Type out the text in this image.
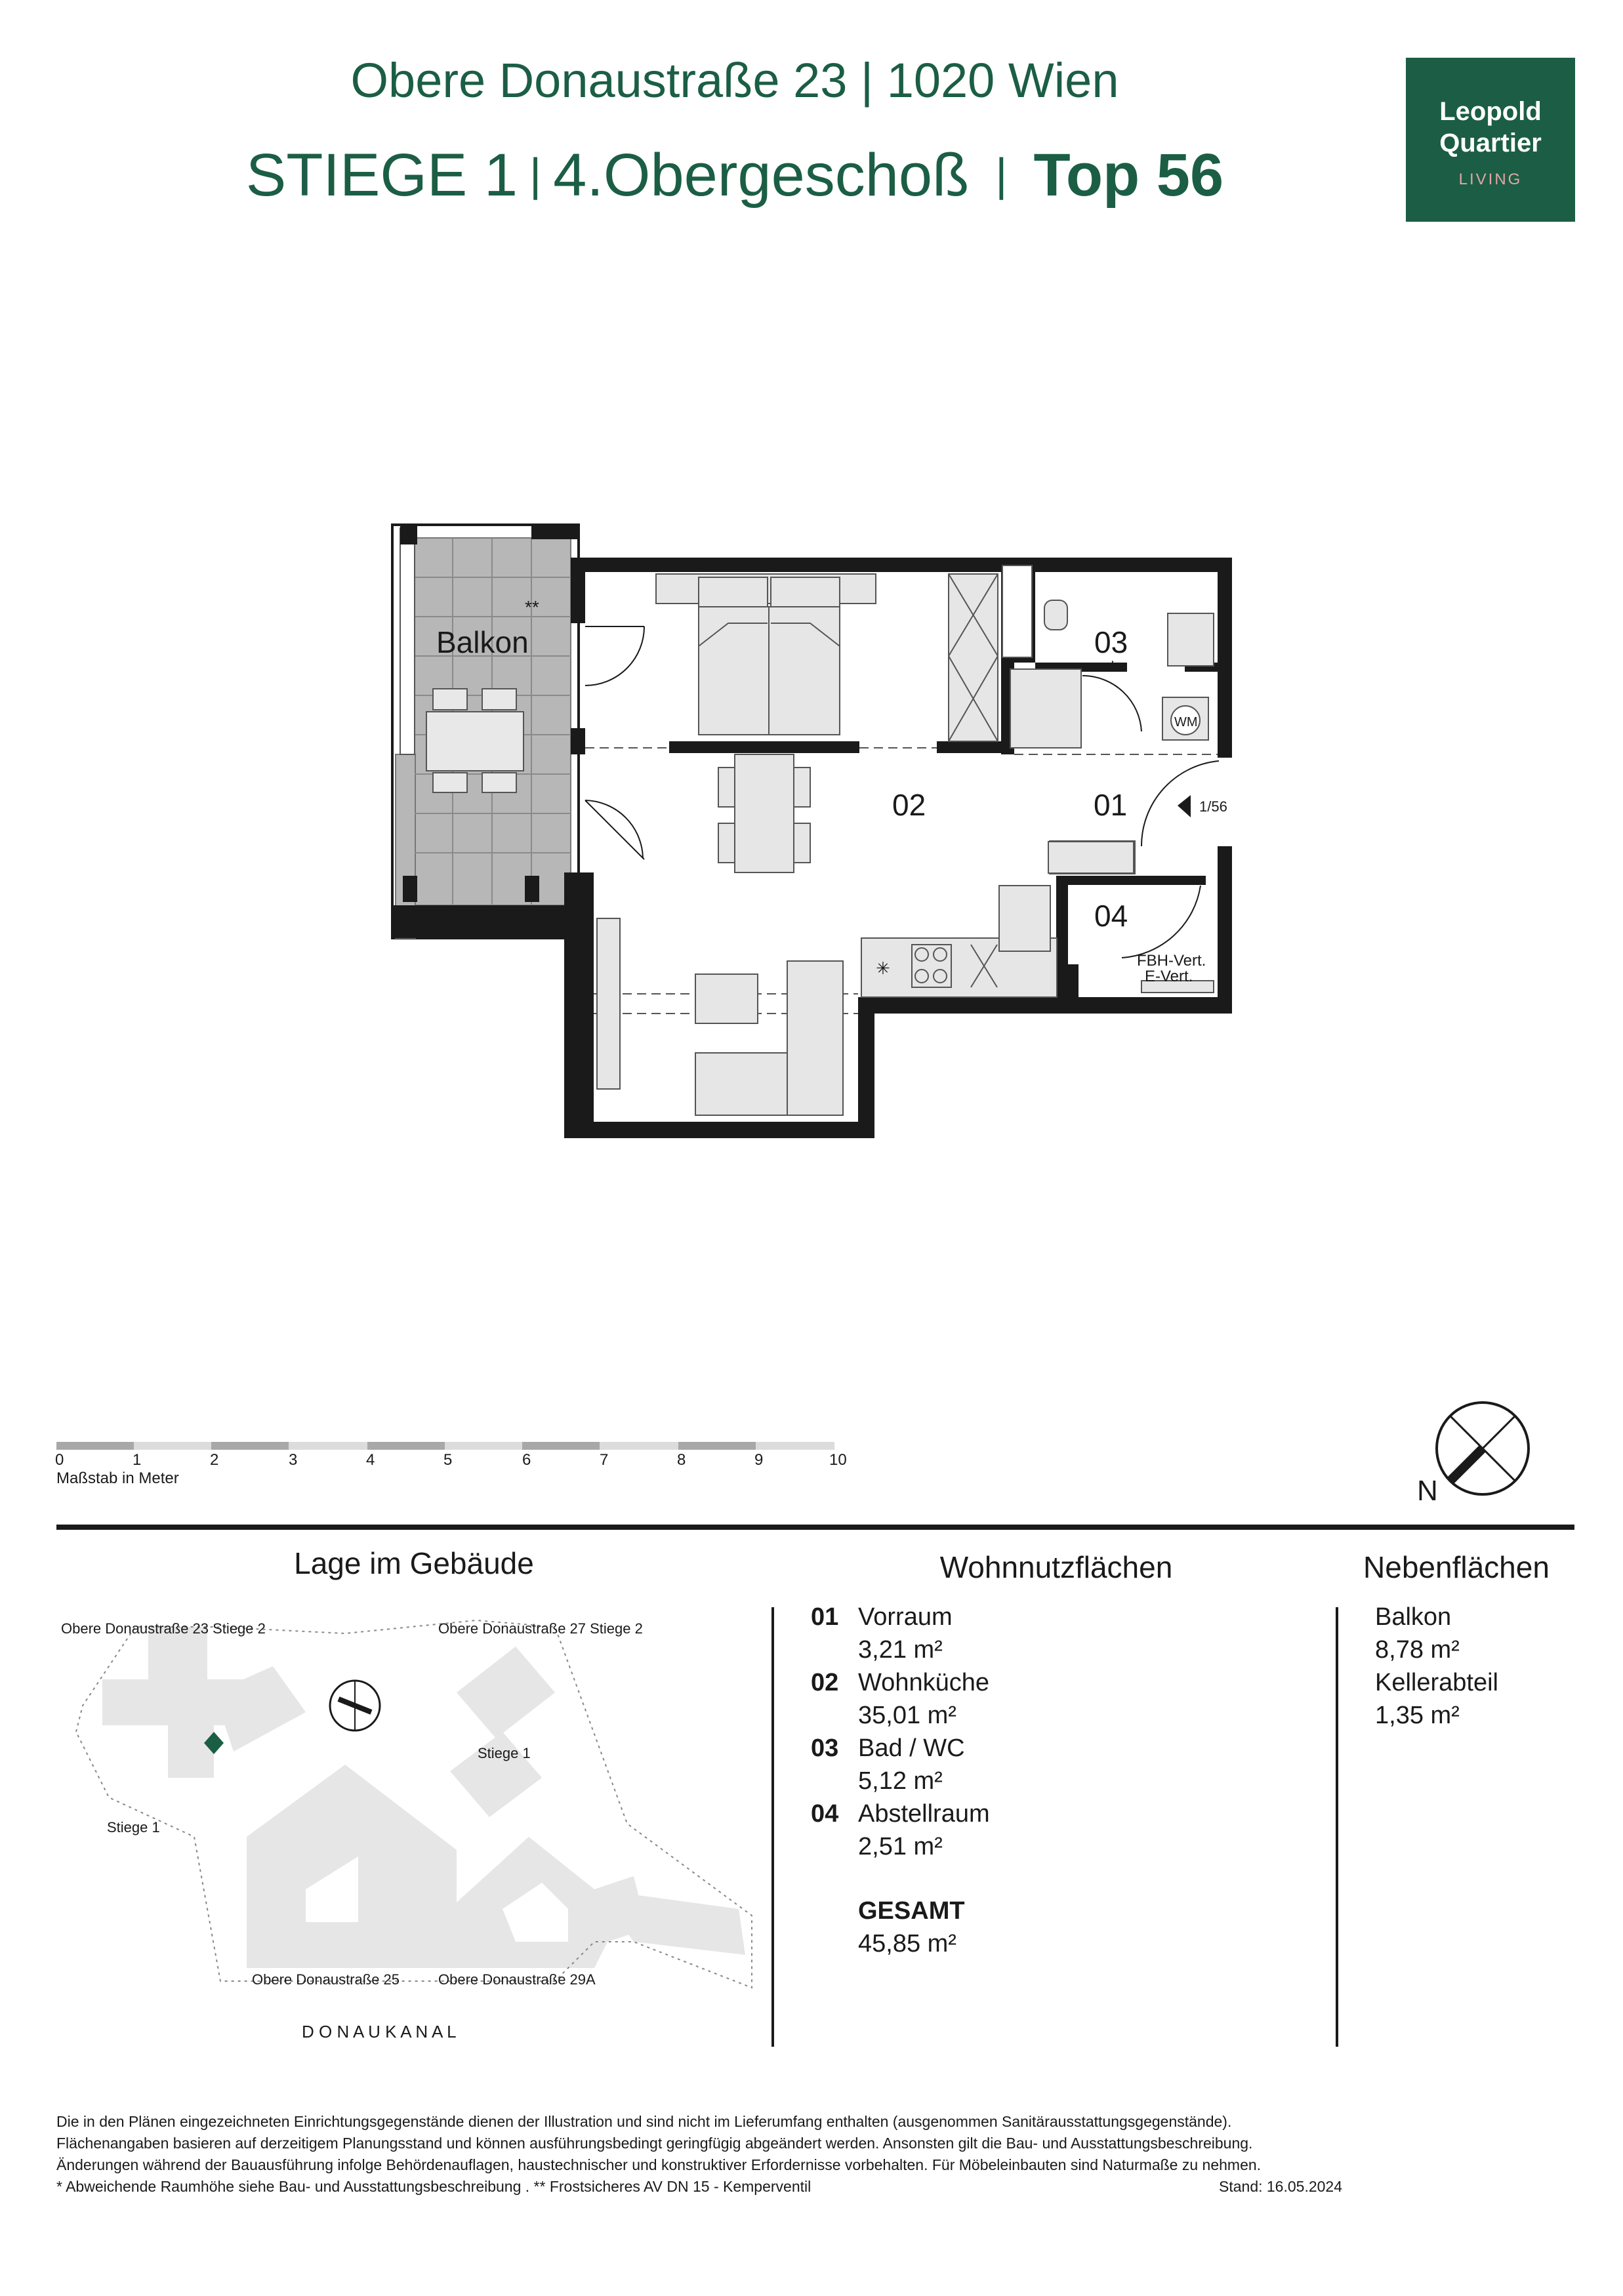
Obere Donaustraße 23 | 1020 Wien
STIEGE 1 | 4.Obergeschoß | Top 56
Leopold
Quartier
LIVING
Balkon
**
✳
WM
02	01
03
*
04
1/56
FBH-Vert.
E-Vert.
0	1	2	3	4	5	6	7	8	9	10
Maßstab in Meter	N
Lage im Gebäude
Obere Donaustraße 23 Stiege 2	Obere Donaustraße 27 Stiege 2
Stiege 1
Stiege 1
Obere Donaustraße 25	Obere Donaustraße 29A
D O N A U K A N A L
Wohnnutzflächen
01 Vorraum
3,21 m²
02 Wohnküche
35,01 m²
03 Bad / WC
5,12 m²
04 Abstellraum
2,51 m²
GESAMT
45,85 m²
Nebenflächen
Balkon
8,78 m²
Kellerabteil
1,35 m²
Die in den Plänen eingezeichneten Einrichtungsgegenstände dienen der Illustration und sind nicht im Lieferumfang enthalten (ausgenommen Sanitärausstattungsgegenstände).
Flächenangaben basieren auf derzeitigem Planungsstand und können ausführungsbedingt geringfügig abgeändert werden. Ansonsten gilt die Bau- und Ausstattungsbeschreibung.
Änderungen während der Bauausführung infolge Behördenauflagen, haustechnischer und konstruktiver Erfordernisse vorbehalten. Für Möbeleinbauten sind Naturmaße zu nehmen.
* Abweichende Raumhöhe siehe Bau- und Ausstattungsbeschreibung . ** Frostsicheres AV DN 15 - Kemperventil	Stand: 16.05.2024
